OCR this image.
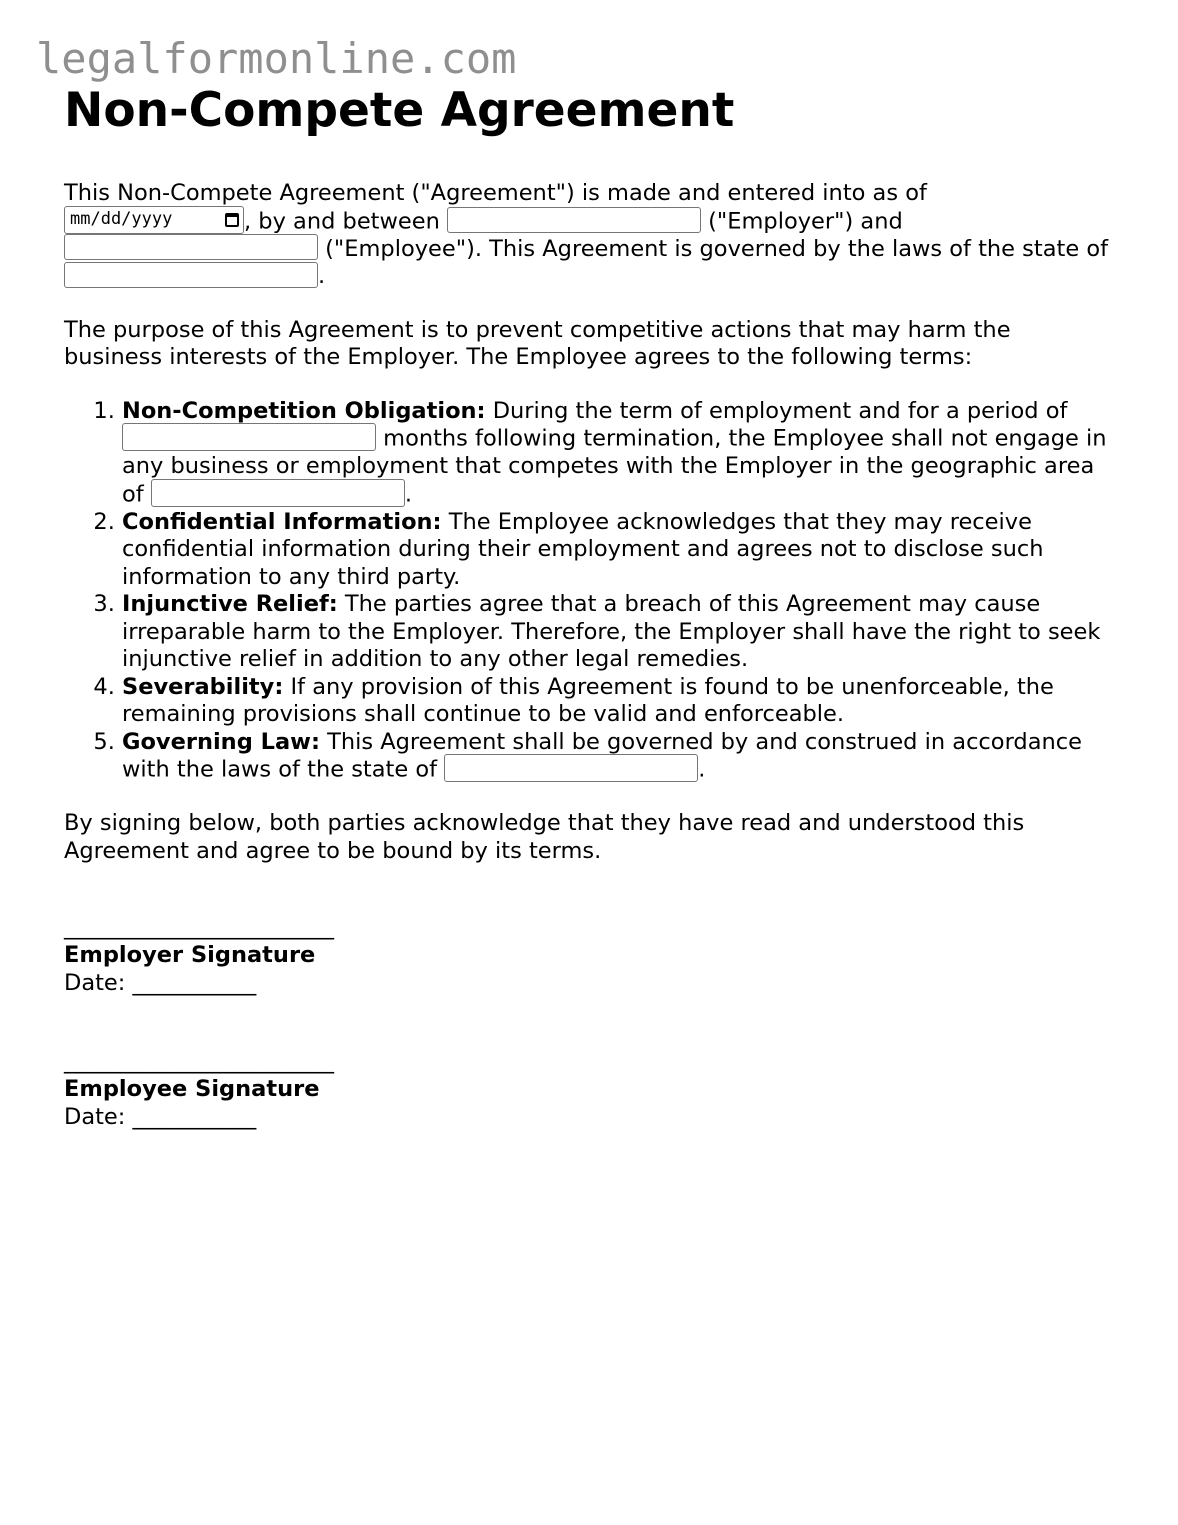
legalformonline.com
Non-Compete Agreement

This Non-Compete Agreement ("Agreement") is made and entered into as of

mm/dd/yyyy	, by and between	("Employer") and
("Employee"). This Agreement is governed by the laws of the state of .

The purpose of this Agreement is to prevent competitive actions that may harm the business interests of the Employer. The Employee agrees to the following terms:

1. Non-Competition Obligation: During the term of employment and for a period of  months following termination, the Employee shall not engage in any business or employment that competes with the Employer in the geographic area of	.
2. Confidential Information: The Employee acknowledges that they may receive confidential information during their employment and agrees not to disclose such information to any third party.
3. Injunctive Relief: The parties agree that a breach of this Agreement may cause irreparable harm to the Employer. Therefore, the Employer shall have the right to seek injunctive relief in addition to any other legal remedies.
4. Severability: If any provision of this Agreement is found to be unenforceable, the remaining provisions shall continue to be valid and enforceable.
5. Governing Law: This Agreement shall be governed by and construed in accordance with the laws of the state of	.

By signing below, both parties acknowledge that they have read and understood this Agreement and agree to be bound by its terms.

________________________
Employer Signature
Date: ___________
________________________
Employee Signature
Date: ___________
